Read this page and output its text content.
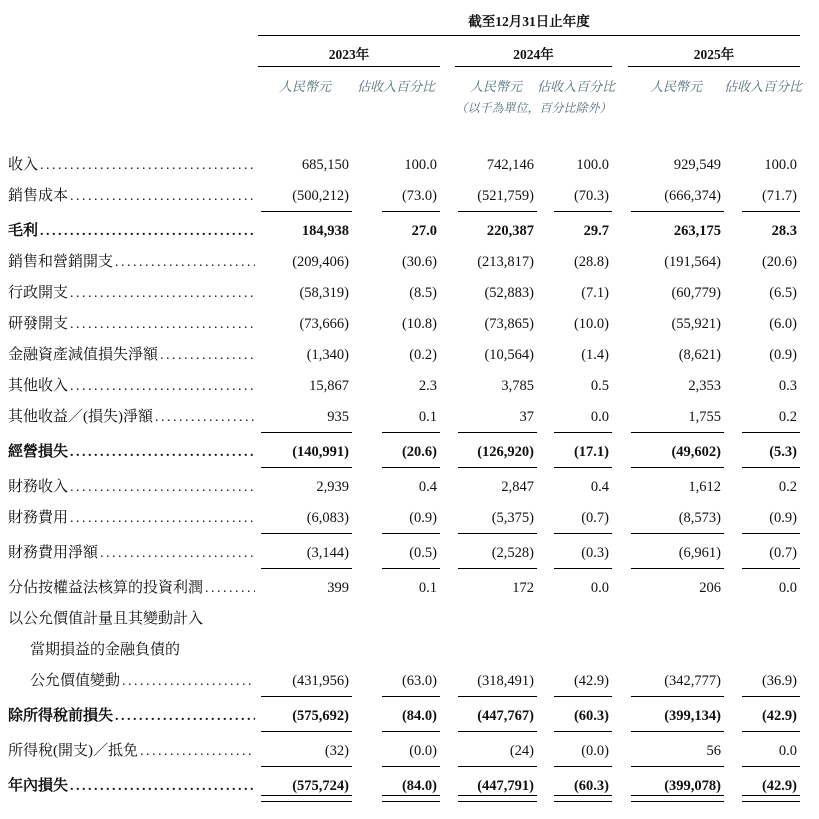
截至12月31日止年度
2023年	2024年	2025年
人民幣元	佔收入百分比	人民幣元	佔收入百分比	人民幣元	佔收入百分比
（以千為單位，百分比除外）
收入 .....	685,150	100.0	742,146	100.0	929,549	100.0
銷售成本 .....	(500,212)	(73.0)	(521,759)	(70.3)	(666,374)	(71.7)
毛利 .....	184,938	27.0	220,387	29.7	263,175	28.3
銷售和營銷開支 .....	(209,406)	(30.6)	(213,817)	(28.8)	(191,564)	(20.6)
行政開支 .....	(58,319)	(8.5)	(52,883)	(7.1)	(60,779)	(6.5)
研發開支 .....	(73,666)	(10.8)	(73,865)	(10.0)	(55,921)	(6.0)
金融資產減值損失淨額 .....	(1,340)	(0.2)	(10,564)	(1.4)	(8,621)	(0.9)
其他收入 .....	15,867	2.3	3,785	0.5	2,353	0.3
其他收益／(損失)淨額 .....	935	0.1	37	0.0	1,755	0.2
經營損失 .....	(140,991)	(20.6)	(126,920)	(17.1)	(49,602)	(5.3)
財務收入 .....	2,939	0.4	2,847	0.4	1,612	0.2
財務費用 .....	(6,083)	(0.9)	(5,375)	(0.7)	(8,573)	(0.9)
財務費用淨額 .....	(3,144)	(0.5)	(2,528)	(0.3)	(6,961)	(0.7)
分佔按權益法核算的投資利潤 .....	399	0.1	172	0.0	206	0.0
以公允價值計量且其變動計入
當期損益的金融負債的
公允價值變動 .....	(431,956)	(63.0)	(318,491)	(42.9)	(342,777)	(36.9)
除所得稅前損失 .....	(575,692)	(84.0)	(447,767)	(60.3)	(399,134)	(42.9)
所得稅(開支)／抵免 .....	(32)	(0.0)	(24)	(0.0)	56	0.0
年內損失 .....	(575,724)	(84.0)	(447,791)	(60.3)	(399,078)	(42.9)
